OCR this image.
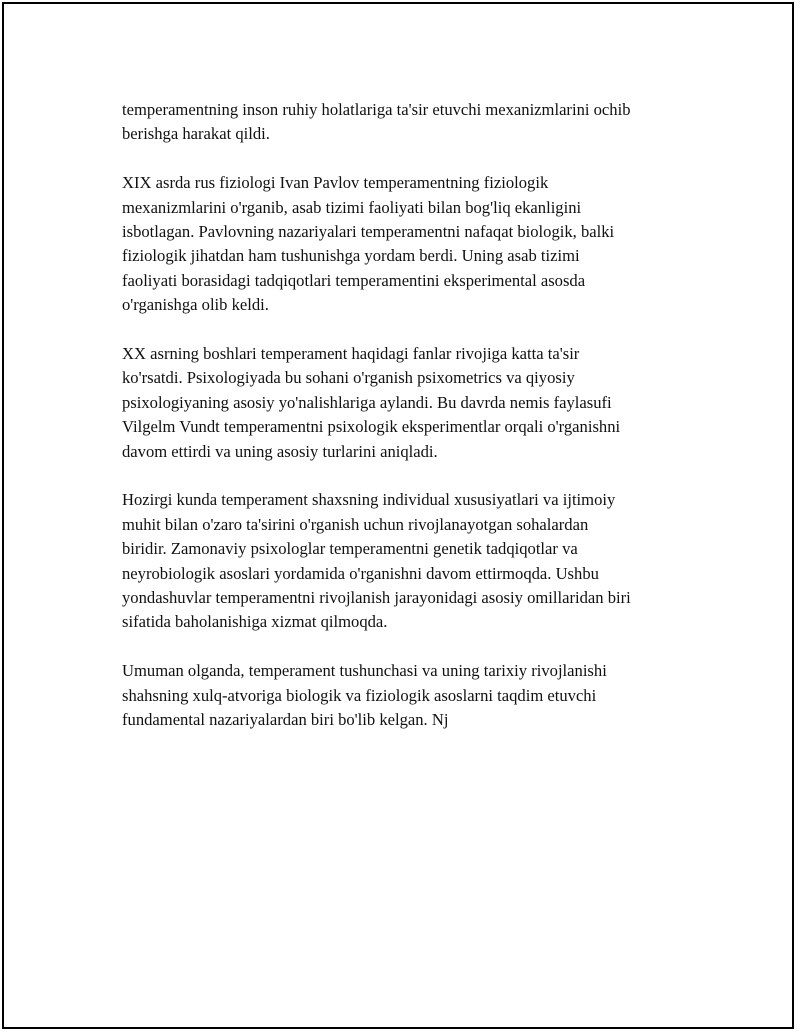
temperamentning inson ruhiy holatlariga ta'sir etuvchi mexanizmlarini ochib
berishga harakat qildi.

XIX asrda rus fiziologi Ivan Pavlov temperamentning fiziologik
mexanizmlarini o'rganib, asab tizimi faoliyati bilan bog'liq ekanligini
isbotlagan. Pavlovning nazariyalari temperamentni nafaqat biologik, balki
fiziologik jihatdan ham tushunishga yordam berdi. Uning asab tizimi
faoliyati borasidagi tadqiqotlari temperamentini eksperimental asosda
o'rganishga olib keldi.

XX asrning boshlari temperament haqidagi fanlar rivojiga katta ta'sir
ko'rsatdi. Psixologiyada bu sohani o'rganish psixometrics va qiyosiy
psixologiyaning asosiy yo'nalishlariga aylandi. Bu davrda nemis faylasufi
Vilgelm Vundt temperamentni psixologik eksperimentlar orqali o'rganishni
davom ettirdi va uning asosiy turlarini aniqladi.

Hozirgi kunda temperament shaxsning individual xususiyatlari va ijtimoiy
muhit bilan o'zaro ta'sirini o'rganish uchun rivojlanayotgan sohalardan
biridir. Zamonaviy psixologlar temperamentni genetik tadqiqotlar va
neyrobiologik asoslari yordamida o'rganishni davom ettirmoqda. Ushbu
yondashuvlar temperamentni rivojlanish jarayonidagi asosiy omillaridan biri
sifatida baholanishiga xizmat qilmoqda.

Umuman olganda, temperament tushunchasi va uning tarixiy rivojlanishi
shahsning xulq-atvoriga biologik va fiziologik asoslarni taqdim etuvchi
fundamental nazariyalardan biri bo'lib kelgan. Nj
